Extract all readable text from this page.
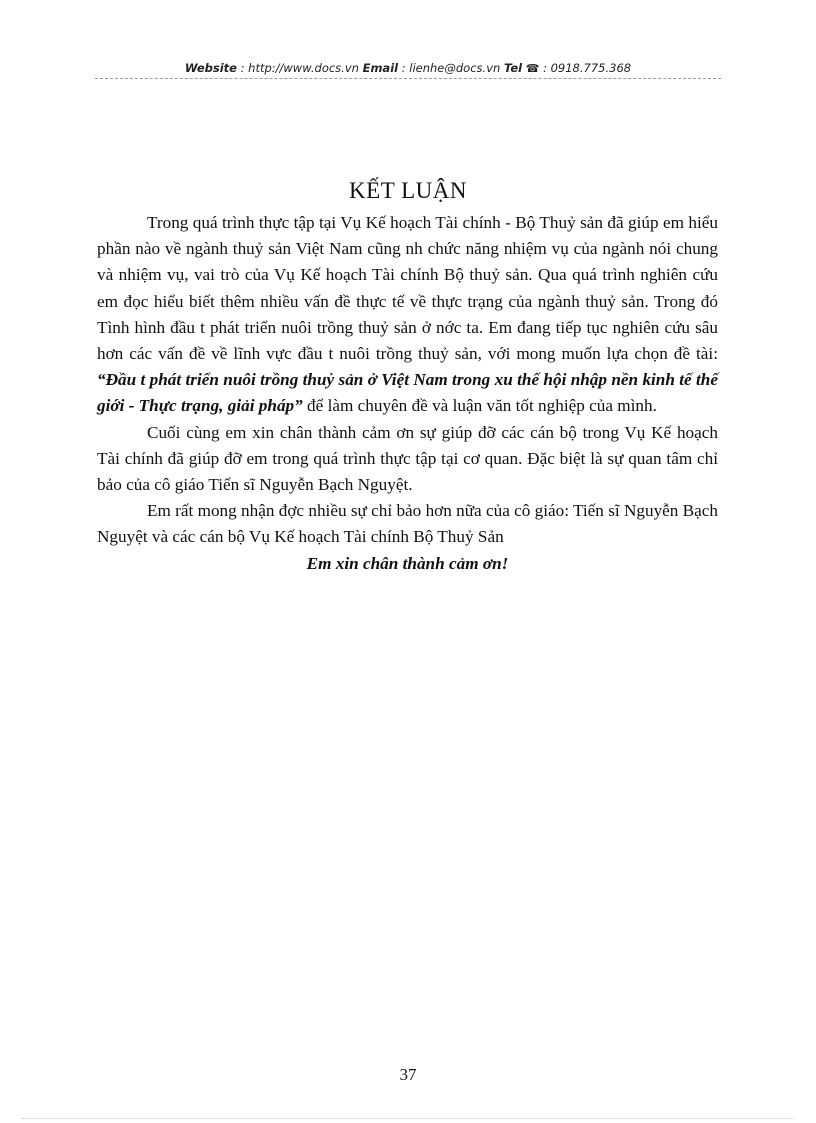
Website : http://www.docs.vn Email : lienhe@docs.vn Tel ☎ : 0918.775.368
KẾT LUẬN

Trong quá trình thực tập tại Vụ Kế hoạch Tài chính - Bộ Thuỷ sản đã giúp em hiểu phần nào về ngành thuỷ sản Việt Nam cũng nh chức năng nhiệm vụ của ngành nói chung và nhiệm vụ, vai trò của Vụ Kế hoạch Tài chính Bộ thuỷ sản. Qua quá trình nghiên cứu em đọc hiểu biết thêm nhiều vấn đề thực tế về thực trạng của ngành thuỷ sản. Trong đó Tình hình đầu t phát triển nuôi trồng thuỷ sản ở nớc ta. Em đang tiếp tục nghiên cứu sâu hơn các vấn đề về lĩnh vực đầu t nuôi trồng thuỷ sản, với mong muốn lựa chọn đề tài: “Đầu t phát triển nuôi trồng thuỷ sản ở Việt Nam trong xu thế hội nhập nền kinh tế thế giới - Thực trạng, giải pháp” để làm chuyên đề và luận văn tốt nghiệp của mình.

Cuối cùng em xin chân thành cảm ơn sự giúp đỡ các cán bộ trong Vụ Kế hoạch Tài chính đã giúp đỡ em trong quá trình thực tập tại cơ quan. Đặc biệt là sự quan tâm chỉ bảo của cô giáo Tiến sĩ Nguyễn Bạch Nguyệt.

Em rất mong nhận đợc nhiều sự chỉ bảo hơn nữa của cô giáo: Tiến sĩ Nguyễn Bạch Nguyệt và các cán bộ Vụ Kế hoạch Tài chính Bộ Thuỷ Sản

Em xin chân thành cảm ơn!

37
